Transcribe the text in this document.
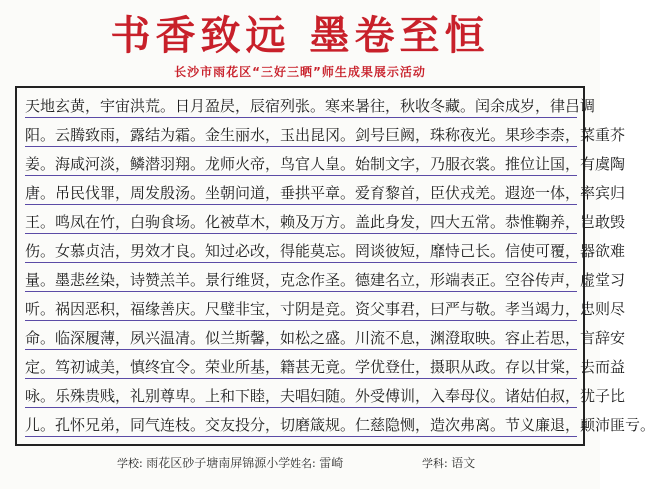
书香致远 墨卷至恒
长沙市雨花区“三好三晒”师生成果展示活动
天地玄黄，宇宙洪荒。日月盈昃，辰宿列张。寒来暑往，秋收冬藏。闰余成岁，律吕调
阳。云腾致雨，露结为霜。金生丽水，玉出昆冈。剑号巨阙，珠称夜光。果珍李柰，菜重芥
姜。海咸河淡，鳞潜羽翔。龙师火帝，鸟官人皇。始制文字，乃服衣裳。推位让国，有虞陶
唐。吊民伐罪，周发殷汤。坐朝问道，垂拱平章。爱育黎首，臣伏戎羌。遐迩一体，率宾归
王。鸣凤在竹，白驹食场。化被草木，赖及万方。盖此身发，四大五常。恭惟鞠养，岂敢毁
伤。女慕贞洁，男效才良。知过必改，得能莫忘。罔谈彼短，靡恃己长。信使可覆，器欲难
量。墨悲丝染，诗赞羔羊。景行维贤，克念作圣。德建名立，形端表正。空谷传声，虚堂习
听。祸因恶积，福缘善庆。尺璧非宝，寸阴是竞。资父事君，曰严与敬。孝当竭力，忠则尽
命。临深履薄，夙兴温凊。似兰斯馨，如松之盛。川流不息，渊澄取映。容止若思，言辞安
定。笃初诚美，慎终宜令。荣业所基，籍甚无竟。学优登仕，摄职从政。存以甘棠，去而益
咏。乐殊贵贱，礼别尊卑。上和下睦，夫唱妇随。外受傅训，入奉母仪。诸姑伯叔，犹子比
儿。孔怀兄弟，同气连枝。交友投分，切磨箴规。仁慈隐恻，造次弗离。节义廉退，颠沛匪亏。
学校: 雨花区砂子塘南屏锦源小学 姓名: 雷崎	学科: 语文
